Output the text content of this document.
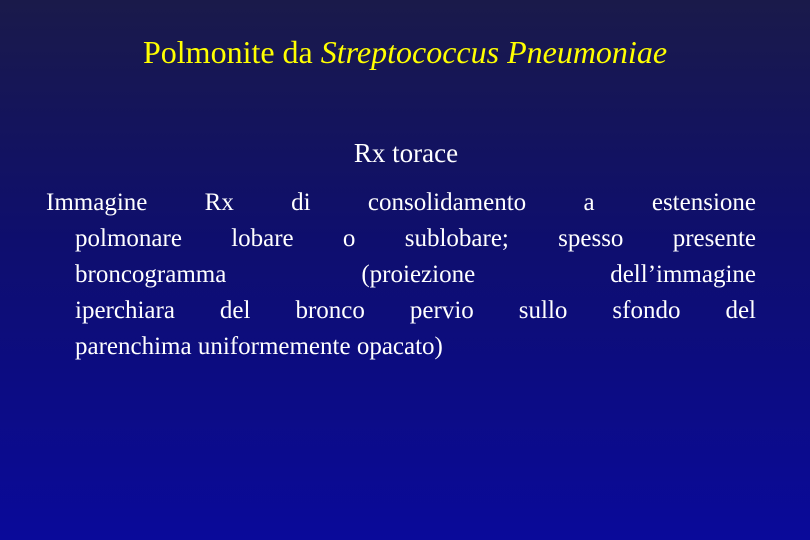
Polmonite da Streptococcus Pneumoniae
Rx torace
Immagine Rx di consolidamento a estensione
polmonare lobare o sublobare; spesso presente
broncogramma (proiezione dell’immagine
iperchiara del bronco pervio sullo sfondo del
parenchima uniformemente opacato)
